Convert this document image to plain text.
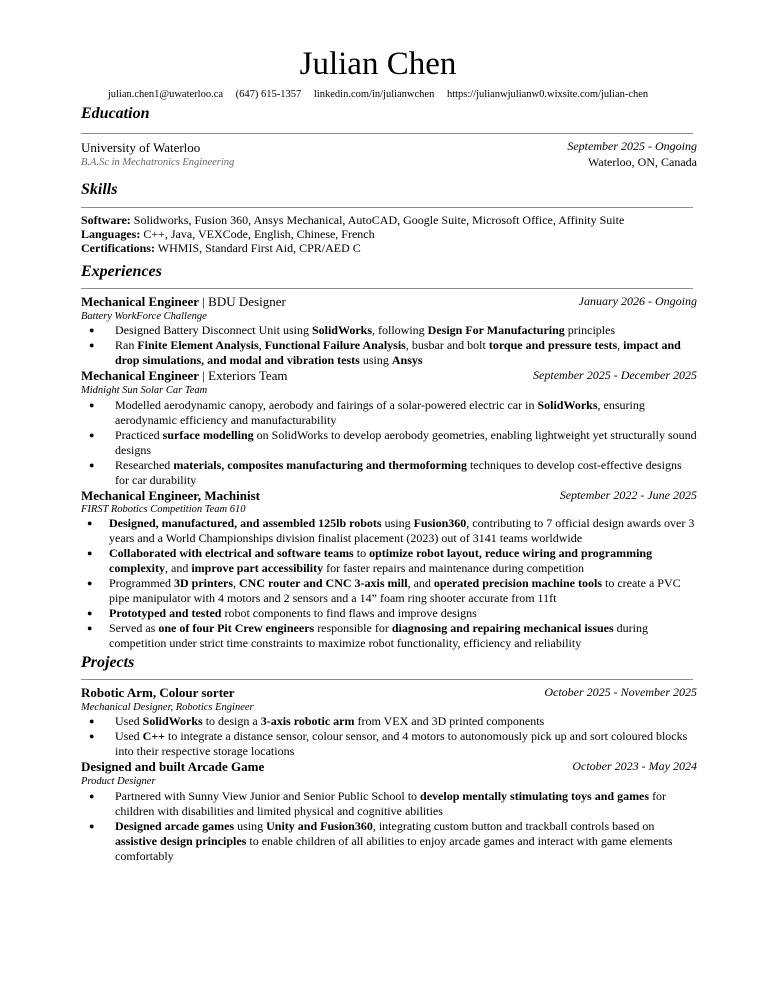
Julian Chen
julian.chen1@uwaterloo.ca (647) 615-1357 linkedin.com/in/julianwchen https://julianwjulianw0.wixsite.com/julian-chen
Education
University of Waterloo	September 2025 - Ongoing
B.A.Sc in Mechatronics Engineering	Waterloo, ON, Canada
Skills
Software: Solidworks, Fusion 360, Ansys Mechanical, AutoCAD, Google Suite, Microsoft Office, Affinity Suite
Languages: C++, Java, VEXCode, English, Chinese, French
Certifications: WHMIS, Standard First Aid, CPR/AED C
Experiences
Mechanical Engineer | BDU Designer	January 2026 - Ongoing
Battery WorkForce Challenge
● Designed Battery Disconnect Unit using SolidWorks, following Design For Manufacturing principles
● Ran Finite Element Analysis, Functional Failure Analysis, busbar and bolt torque and pressure tests, impact and drop simulations, and modal and vibration tests using Ansys
Mechanical Engineer | Exteriors Team	September 2025 - December 2025
Midnight Sun Solar Car Team
● Modelled aerodynamic canopy, aerobody and fairings of a solar-powered electric car in SolidWorks, ensuring aerodynamic efficiency and manufacturability
● Practiced surface modelling on SolidWorks to develop aerobody geometries, enabling lightweight yet structurally sound designs
● Researched materials, composites manufacturing and thermoforming techniques to develop cost-effective designs for car durability
Mechanical Engineer, Machinist	September 2022 - June 2025
FIRST Robotics Competition Team 610
● Designed, manufactured, and assembled 125lb robots using Fusion360, contributing to 7 official design awards over 3 years and a World Championships division finalist placement (2023) out of 3141 teams worldwide
● Collaborated with electrical and software teams to optimize robot layout, reduce wiring and programming complexity, and improve part accessibility for faster repairs and maintenance during competition
● Programmed 3D printers, CNC router and CNC 3-axis mill, and operated precision machine tools to create a PVC pipe manipulator with 4 motors and 2 sensors and a 14” foam ring shooter accurate from 11ft
● Prototyped and tested robot components to find flaws and improve designs
● Served as one of four Pit Crew engineers responsible for diagnosing and repairing mechanical issues during competition under strict time constraints to maximize robot functionality, efficiency and reliability
Projects
Robotic Arm, Colour sorter	October 2025 - November 2025
Mechanical Designer, Robotics Engineer
● Used SolidWorks to design a 3-axis robotic arm from VEX and 3D printed components
● Used C++ to integrate a distance sensor, colour sensor, and 4 motors to autonomously pick up and sort coloured blocks into their respective storage locations
Designed and built Arcade Game	October 2023 - May 2024
Product Designer
● Partnered with Sunny View Junior and Senior Public School to develop mentally stimulating toys and games for children with disabilities and limited physical and cognitive abilities
● Designed arcade games using Unity and Fusion360, integrating custom button and trackball controls based on assistive design principles to enable children of all abilities to enjoy arcade games and interact with game elements comfortably
